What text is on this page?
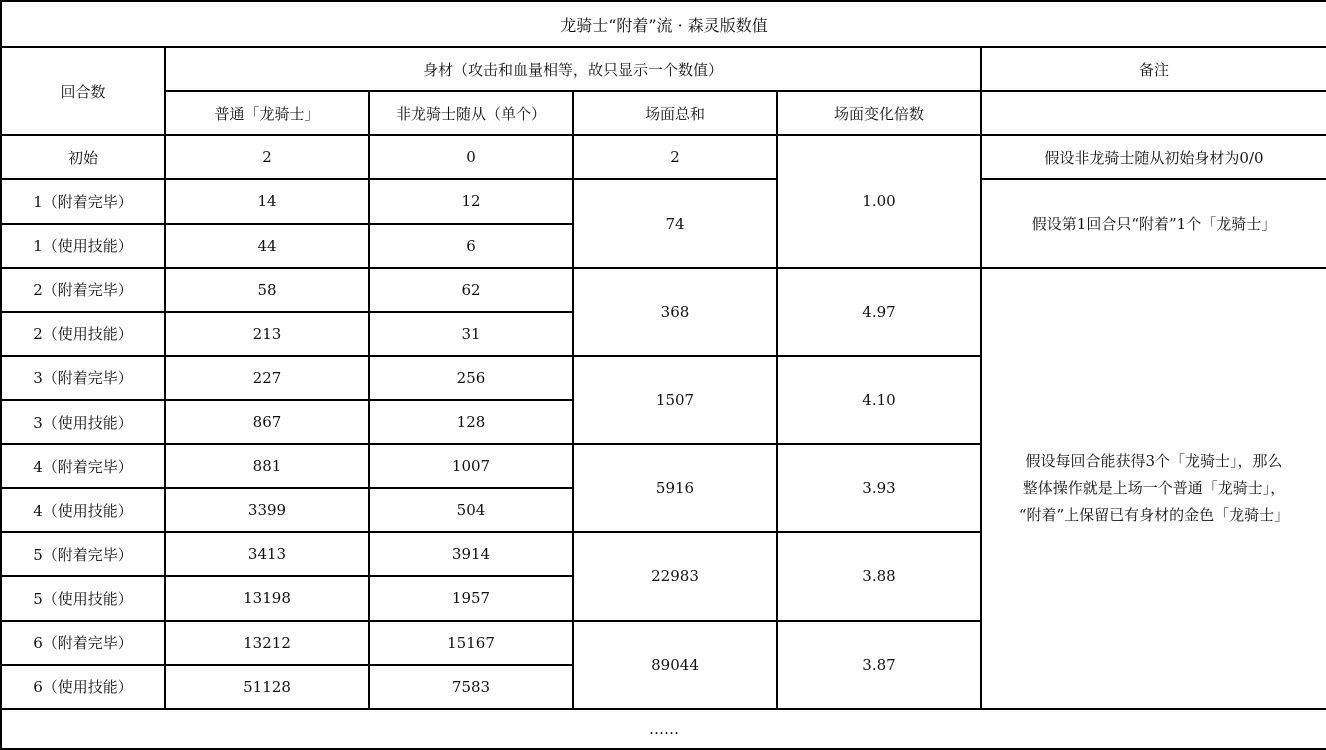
龙骑士“附着”流 · 森灵版数值					
回合数	身材（攻击和血量相等，故只显示一个数值）				备注
	普通「龙骑士」	非龙骑士随从（单个）	场面总和	场面变化倍数	
初始	2	0	2	1.00	假设非龙骑士随从初始身材为0/0
1（附着完毕）	14	12	74		假设第1回合只“附着”1个「龙骑士」
1（使用技能）	44	6			
2（附着完毕）	58	62	368	4.97	假设每回合能获得3个「龙骑士」，那么
整体操作就是上场一个普通「龙骑士」，
“附着”上保留已有身材的金色「龙骑士」

2（使用技能）	213	31			
3（附着完毕）	227	256	1507	4.10	
3（使用技能）	867	128			
4（附着完毕）	881	1007	5916	3.93	
4（使用技能）	3399	504			
5（附着完毕）	3413	3914	22983	3.88	
5（使用技能）	13198	1957			
6（附着完毕）	13212	15167	89044	3.87	
6（使用技能）	51128	7583			
……					
